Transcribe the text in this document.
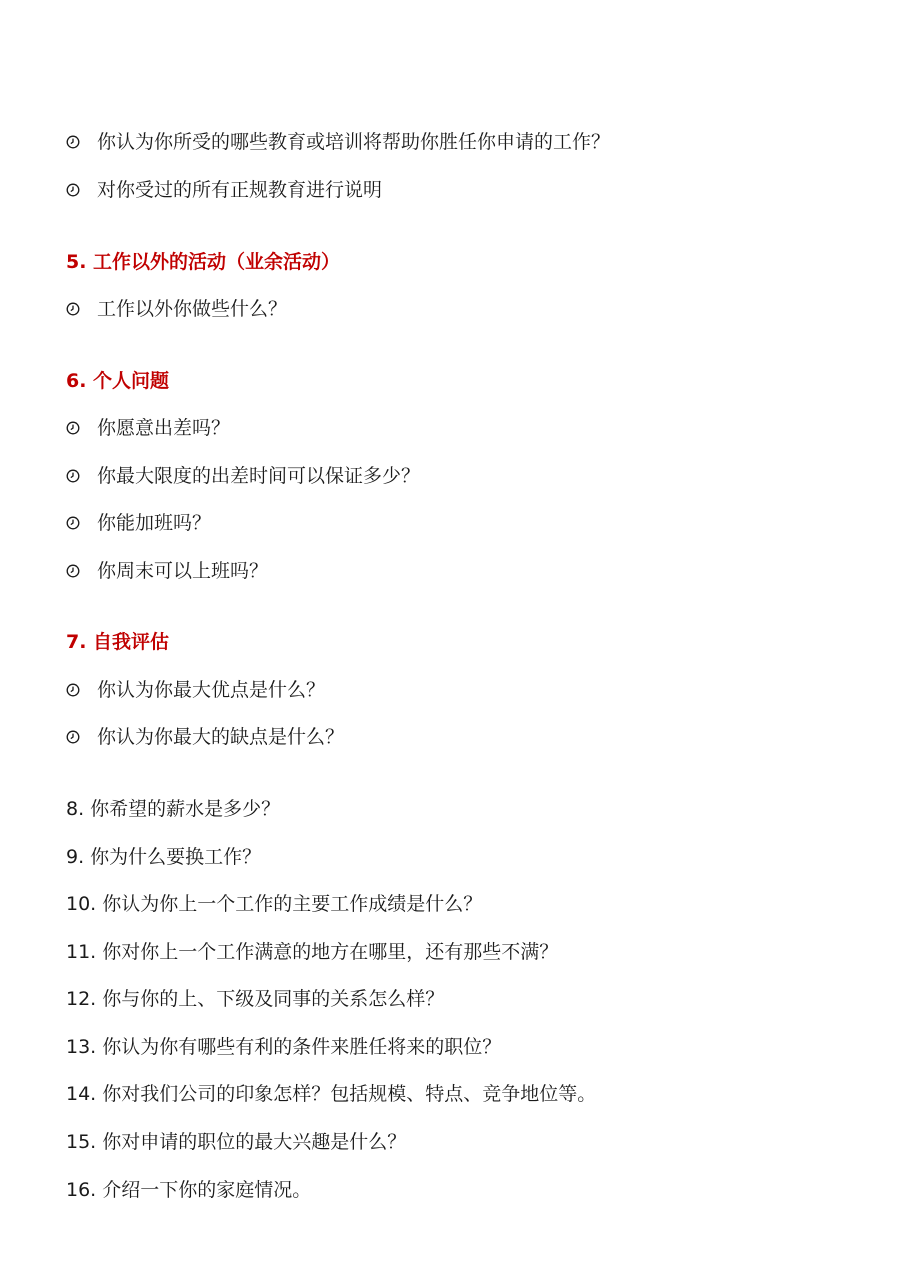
你认为你所受的哪些教育或培训将帮助你胜任你申请的工作？
对你受过的所有正规教育进行说明
5. 工作以外的活动（业余活动）
工作以外你做些什么？
6. 个人问题
你愿意出差吗？
你最大限度的出差时间可以保证多少？
你能加班吗？
你周末可以上班吗？
7. 自我评估
你认为你最大优点是什么？
你认为你最大的缺点是什么？
8. 你希望的薪水是多少？
9. 你为什么要换工作？
10. 你认为你上一个工作的主要工作成绩是什么？
11. 你对你上一个工作满意的地方在哪里，还有那些不满？
12. 你与你的上、下级及同事的关系怎么样？
13. 你认为你有哪些有利的条件来胜任将来的职位？
14. 你对我们公司的印象怎样？包括规模、特点、竞争地位等。
15. 你对申请的职位的最大兴趣是什么？
16. 介绍一下你的家庭情况。
